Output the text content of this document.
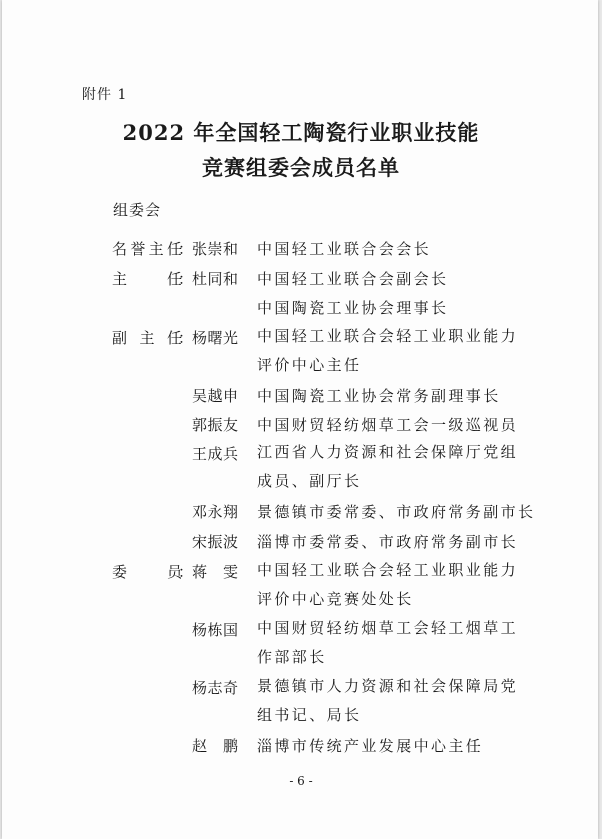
附件 1
2022 年全国轻工陶瓷行业职业技能
竞赛组委会成员名单
组委会
名 誉 主 任
：
张 崇 和 中国轻工业联合会会长
主	任
：
杜 同 和 中国轻工业联合会副会长
中国陶瓷工业协会理事长
副 主 任
：
杨 曙 光 中国轻工业联合会轻工业职业能力评价中心主任
吴 越 申 中国陶瓷工业协会常务副理事长
郭 振 友 中国财贸轻纺烟草工会一级巡视员
王 成 兵 江西省人力资源和社会保障厅党组成员、副厅长
邓 永 翔 景德镇市委常委、市政府常务副市长
宋 振 波 淄博市委常委、市政府常务副市长
委	员
：
蒋 雯 中国轻工业联合会轻工业职业能力评价中心竞赛处处长
杨 栋 国 中国财贸轻纺烟草工会轻工烟草工作部部长
杨 志 奇 景德镇市人力资源和社会保障局党组书记、局长
赵 鹏 淄博市传统产业发展中心主任
- 6 -
